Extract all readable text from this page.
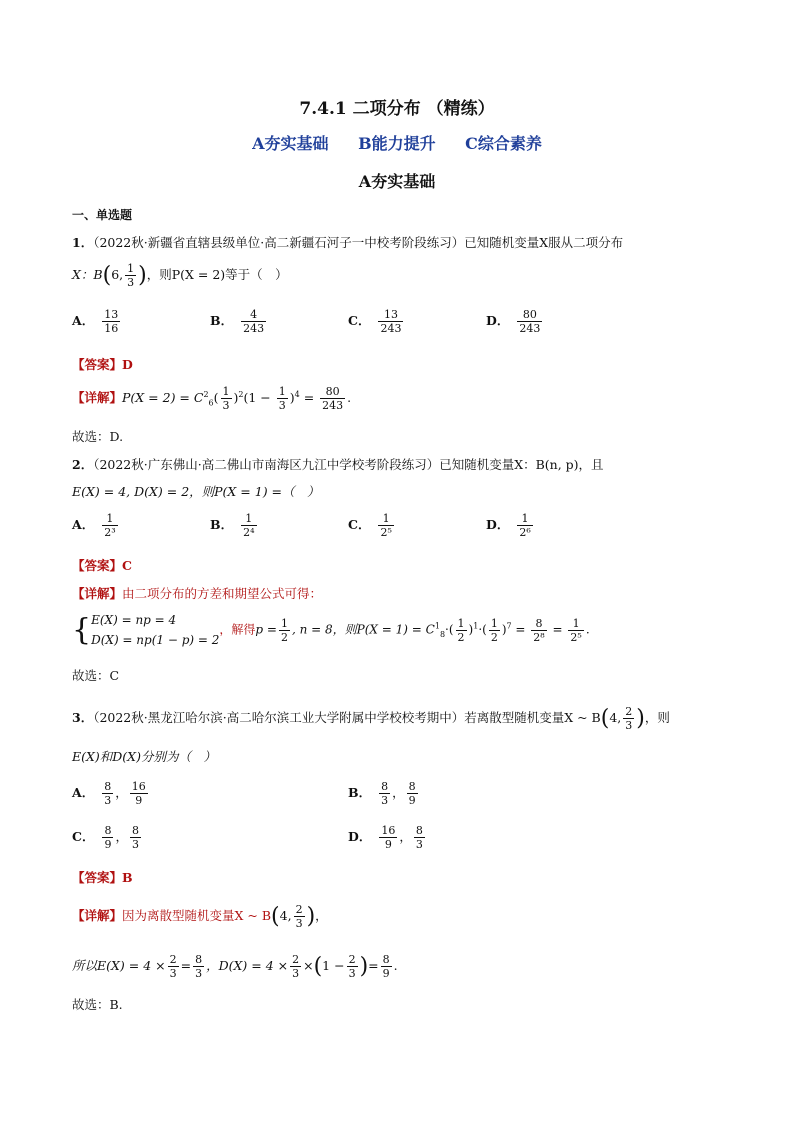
7.4.1 二项分布 （精练）
A夯实基础 B能力提升 C综合素养
A夯实基础
一、单选题
1．（2022秋·新疆省直辖县级单位·高二新疆石河子一中校考阶段练习）已知随机变量X服从二项分布
X：B(6, $\frac{1}{3}$ )，则P(X = 2)等于（　）
A． $\frac{13}{16}$	B． $\frac{4}{243}$	C． $\frac{13}{243}$	D． $\frac{80}{243}$
【答案】D
【详解】$P(X = 2) = C^2_6( \frac{1}{3} )^2(1 - \frac{1}{3} )^4 = \frac{80}{243}$ .
故选：D.
2．（2022秋·广东佛山·高二佛山市南海区九江中学校考阶段练习）已知随机变量X：B(n, p)，且
E(X) = 4, D(X) = 2，则P(X = 1) =（　）
A． $\frac{1}{\text{2³}}$	B． $\frac{1}{\text{2⁴}}$	C． $\frac{1}{\text{2⁵}}$	D． $\frac{1}{\text{2⁶}}$
【答案】C
【详解】由二项分布的方差和期望公式可得：
{ E(X) = np = 4
D(X) = np(1 − p) = 2
，解得$p = \frac{1}{2}$ , n = 8，则$P(X = 1) = C^1_8\cdot( \frac{1}{2} )^1\cdot( \frac{1}{2} )^7 = \frac{8}{\text{2⁸}} = \frac{1}{\text{2⁵}}$ .
故选：C
3．（2022秋·黑龙江哈尔滨·高二哈尔滨工业大学附属中学校校考期中）若离散型随机变量X ~ B(4, $\frac{2}{3}$ )，则
E(X)和D(X)分别为（　）
A． $\frac{8}{3}$ ， $\frac{16}{9}$	B． $\frac{8}{3}$ ， $\frac{8}{9}$
C． $\frac{8}{9}$ ， $\frac{8}{3}$	D． $\frac{16}{9}$ ， $\frac{8}{3}$
【答案】B
【详解】因为离散型随机变量X ~ B(4, $\frac{2}{3}$ )，
所以$E(X) = 4 \times \frac{2}{3} = \frac{8}{3}$ ，$D(X) = 4 \times \frac{2}{3} \times(1 - \frac{2}{3}$ )= $\frac{8}{9}$ .
故选：B.
